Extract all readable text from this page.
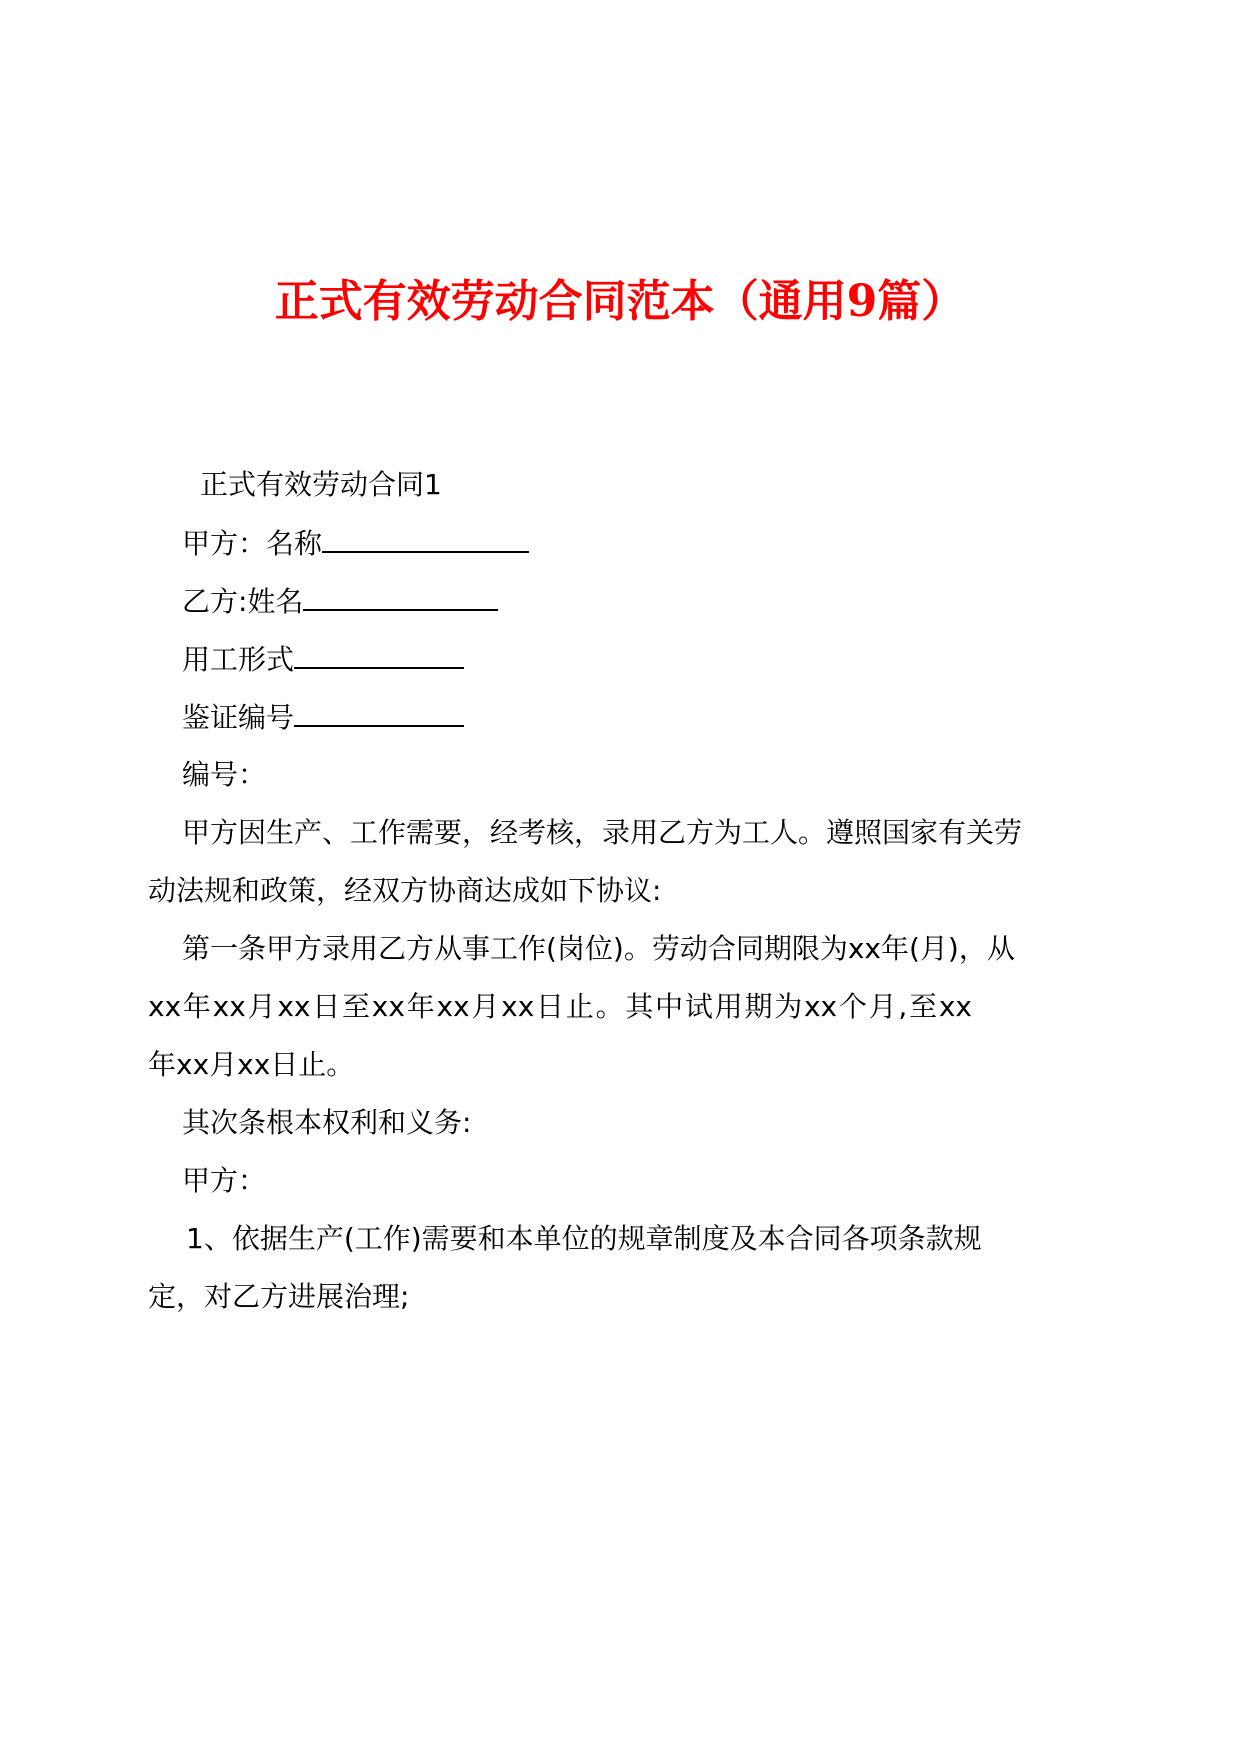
正式有效劳动合同范本（通用9篇）
正式有效劳动合同1
甲方：名称
乙方:姓名
用工形式
鉴证编号
编号：
甲方因生产、工作需要，经考核，录用乙方为工人。遵照国家有关劳
动法规和政策，经双方协商达成如下协议:
第一条甲方录用乙方从事工作(岗位)。劳动合同期限为xx年(月)，从
xx年xx月xx日至xx年xx月xx日止。其中试用期为xx个月,至xx
年xx月xx日止。
其次条根本权利和义务:
甲方：
1、依据生产(工作)需要和本单位的规章制度及本合同各项条款规
定，对乙方进展治理;
